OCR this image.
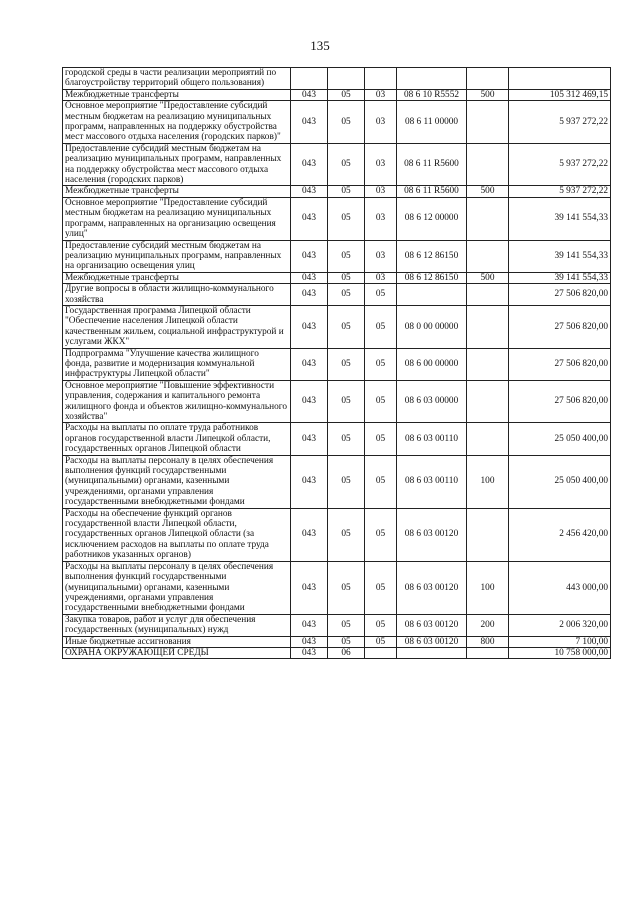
135
городской среды в части реализации мероприятий по благоустройству территорий общего пользования)						
Межбюджетные трансферты	043	05	03	08 6 10 R5552	500	105 312 469,15
Основное мероприятие "Предоставление субсидий местным бюджетам на реализацию муниципальных программ, направленных на поддержку обустройства мест массового отдыха населения (городских парков)"	043	05	03	08 6 11 00000		5 937 272,22
Предоставление субсидий местным бюджетам на реализацию муниципальных программ, направленных на поддержку обустройства мест массового отдыха населения (городских парков)	043	05	03	08 6 11 R5600		5 937 272,22
Межбюджетные трансферты	043	05	03	08 6 11 R5600	500	5 937 272,22
Основное мероприятие "Предоставление субсидий местным бюджетам на реализацию муниципальных программ, направленных на организацию освещения улиц"	043	05	03	08 6 12 00000		39 141 554,33
Предоставление субсидий местным бюджетам на реализацию муниципальных программ, направленных на организацию освещения улиц	043	05	03	08 6 12 86150		39 141 554,33
Межбюджетные трансферты	043	05	03	08 6 12 86150	500	39 141 554,33
Другие вопросы в области жилищно-коммунального хозяйства	043	05	05			27 506 820,00
Государственная программа Липецкой области "Обеспечение населения Липецкой области качественным жильем, социальной инфраструктурой и услугами ЖКХ"	043	05	05	08 0 00 00000		27 506 820,00
Подпрограмма "Улучшение качества жилищного фонда, развитие и модернизация коммунальной инфраструктуры Липецкой области"	043	05	05	08 6 00 00000		27 506 820,00
Основное мероприятие "Повышение эффективности управления, содержания и капитального ремонта жилищного фонда и объектов жилищно-коммунального хозяйства"	043	05	05	08 6 03 00000		27 506 820,00
Расходы на выплаты по оплате труда работников органов государственной власти Липецкой области, государственных органов Липецкой области	043	05	05	08 6 03 00110		25 050 400,00
Расходы на выплаты персоналу в целях обеспечения выполнения функций государственными (муниципальными) органами, казенными учреждениями, органами управления государственными внебюджетными фондами	043	05	05	08 6 03 00110	100	25 050 400,00
Расходы на обеспечение функций органов государственной власти Липецкой области, государственных органов Липецкой области (за исключением расходов на выплаты по оплате труда работников указанных органов)	043	05	05	08 6 03 00120		2 456 420,00
Расходы на выплаты персоналу в целях обеспечения выполнения функций государственными (муниципальными) органами, казенными учреждениями, органами управления государственными внебюджетными фондами	043	05	05	08 6 03 00120	100	443 000,00
Закупка товаров, работ и услуг для обеспечения государственных (муниципальных) нужд	043	05	05	08 6 03 00120	200	2 006 320,00
Иные бюджетные ассигнования	043	05	05	08 6 03 00120	800	7 100,00
ОХРАНА ОКРУЖАЮЩЕЙ СРЕДЫ	043	06				10 758 000,00
